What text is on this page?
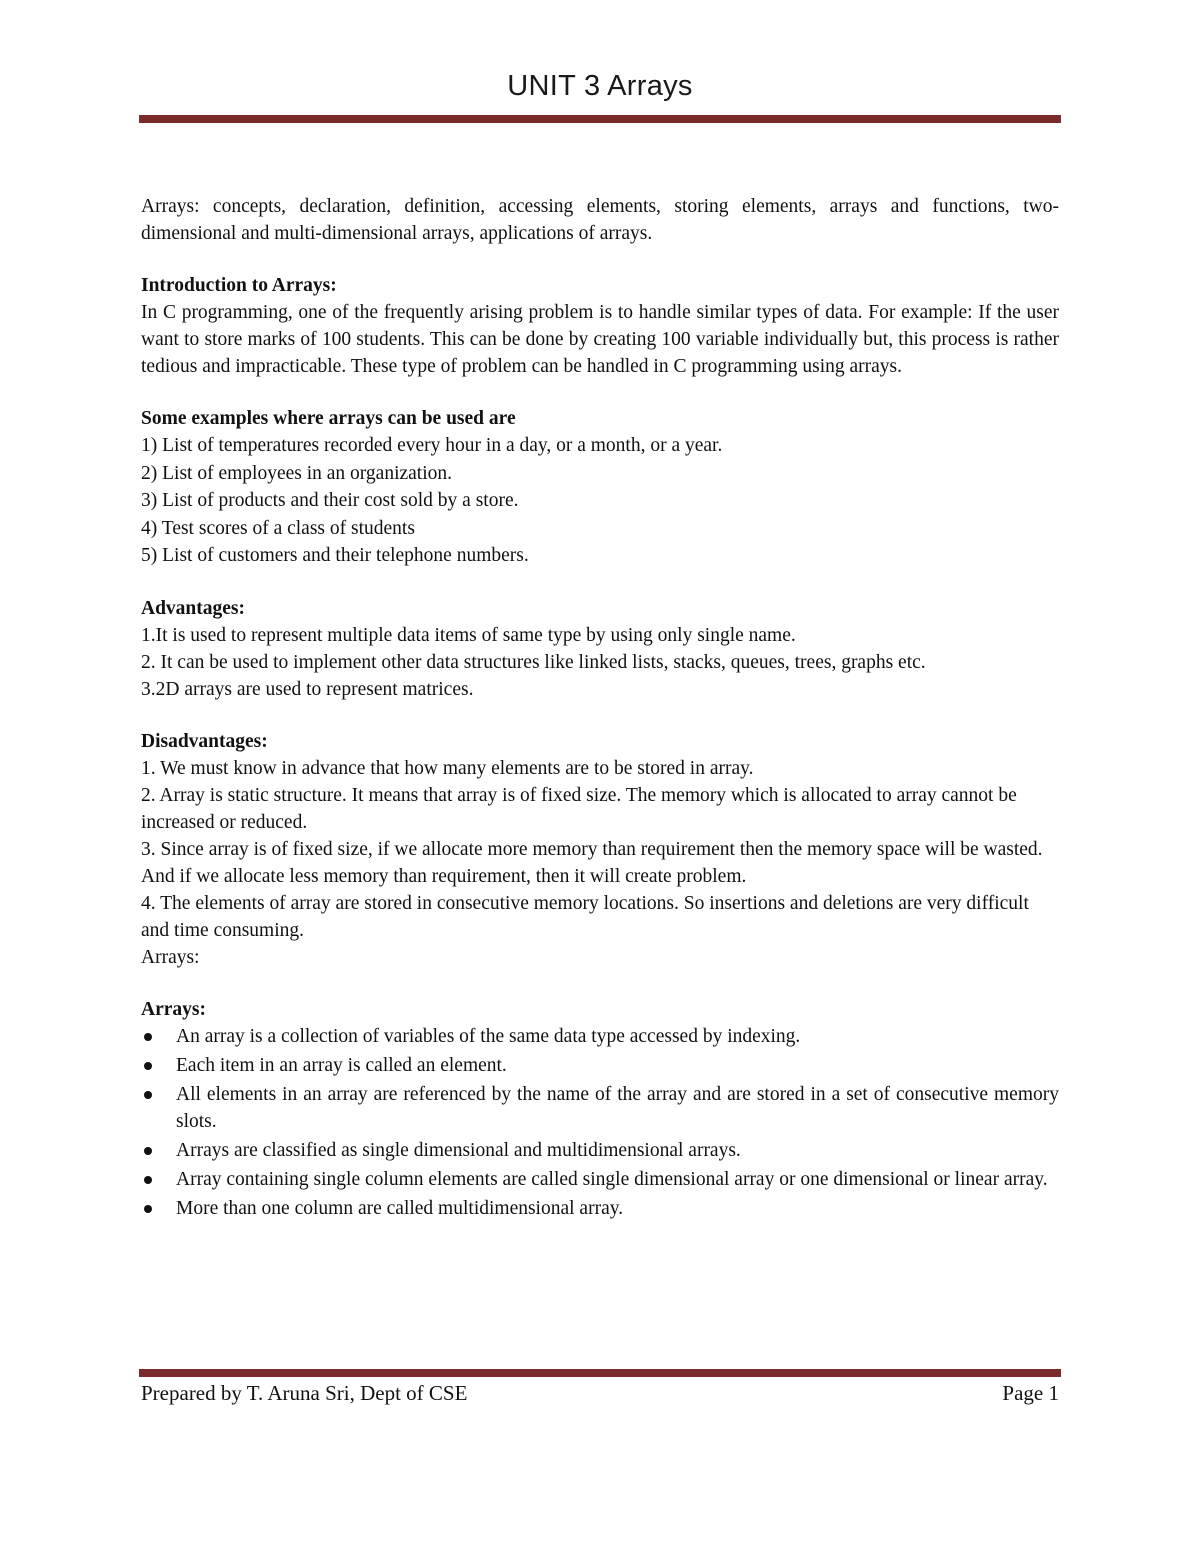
UNIT 3 Arrays

Arrays: concepts, declaration, definition, accessing elements, storing elements, arrays and functions, two-dimensional and multi-dimensional arrays, applications of arrays.

Introduction to Arrays:

In C programming, one of the frequently arising problem is to handle similar types of data. For example: If the user want to store marks of 100 students. This can be done by creating 100 variable individually but, this process is rather tedious and impracticable. These type of problem can be handled in C programming using arrays.

Some examples where arrays can be used are

1) List of temperatures recorded every hour in a day, or a month, or a year.

2) List of employees in an organization.

3) List of products and their cost sold by a store.

4) Test scores of a class of students

5) List of customers and their telephone numbers.

Advantages:

1.It is used to represent multiple data items of same type by using only single name.

2. It can be used to implement other data structures like linked lists, stacks, queues, trees, graphs etc.

3.2D arrays are used to represent matrices.

Disadvantages:

1. We must know in advance that how many elements are to be stored in array.

2. Array is static structure. It means that array is of fixed size. The memory which is allocated to array cannot be increased or reduced.

3. Since array is of fixed size, if we allocate more memory than requirement then the memory space will be wasted. And if we allocate less memory than requirement, then it will create problem.

4. The elements of array are stored in consecutive memory locations. So insertions and deletions are very difficult and time consuming.

Arrays:

Arrays:

An array is a collection of variables of the same data type accessed by indexing.
Each item in an array is called an element.
All elements in an array are referenced by the name of the array and are stored in a set of consecutive memory slots.
Arrays are classified as single dimensional and multidimensional arrays.
Array containing single column elements are called single dimensional array or one dimensional or linear array.
More than one column are called multidimensional array.
Prepared by T. Aruna Sri, Dept of CSE	Page 1
